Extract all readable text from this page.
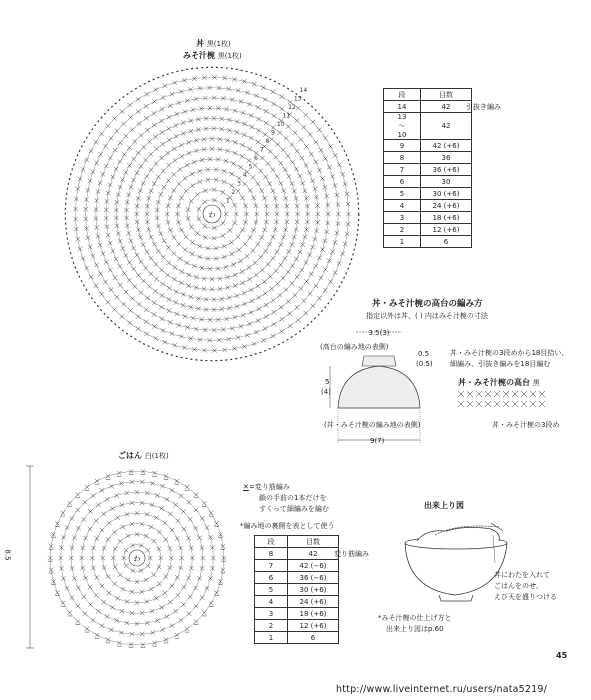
丼 黒(1枚)
みそ汁椀 黒(1枚)
わ
14
13
12
11
10
9
8
7
6
5
4
3
2
1
段	目数
14	42
13
〜
10	42
9	42 (+6)
8	36
7	36 (+6)
6	30
5	30 (+6)
4	24 (+6)
3	18 (+6)
2	12 (+6)
1	6
引抜き編み
丼・みそ汁椀の高台の編み方
指定以外は丼、( ) 内はみそ汁椀の寸法
3.5(3)
(高台の編み地の表側)
0.5
(0.5)
5
(4)
(丼・みそ汁椀の編み地の表側)
9(7)
丼・みそ汁椀の3段めから18目拾い、
細編み、引抜き編みを18目編む
丼・みそ汁椀の高台 黒
丼・みそ汁椀の3段め
ごはん 白(1枚)
わ
8.5
✕=変り筋編み
鎖の手前の1本だけを
すくって細編みを編む
*編み地の裏側を表として使う
段	目数
8	42
7	42 (−6)
6	36 (−6)
5	30 (+6)
4	24 (+6)
3	18 (+6)
2	12 (+6)
1	6
変り筋編み
出来上り図
丼にわたを入れて
ごはんをのせ、
えび天を盛りつける
*みそ汁椀の仕上げ方と
出来上り図はp.60
45
http://www.liveinternet.ru/users/nata5219/
